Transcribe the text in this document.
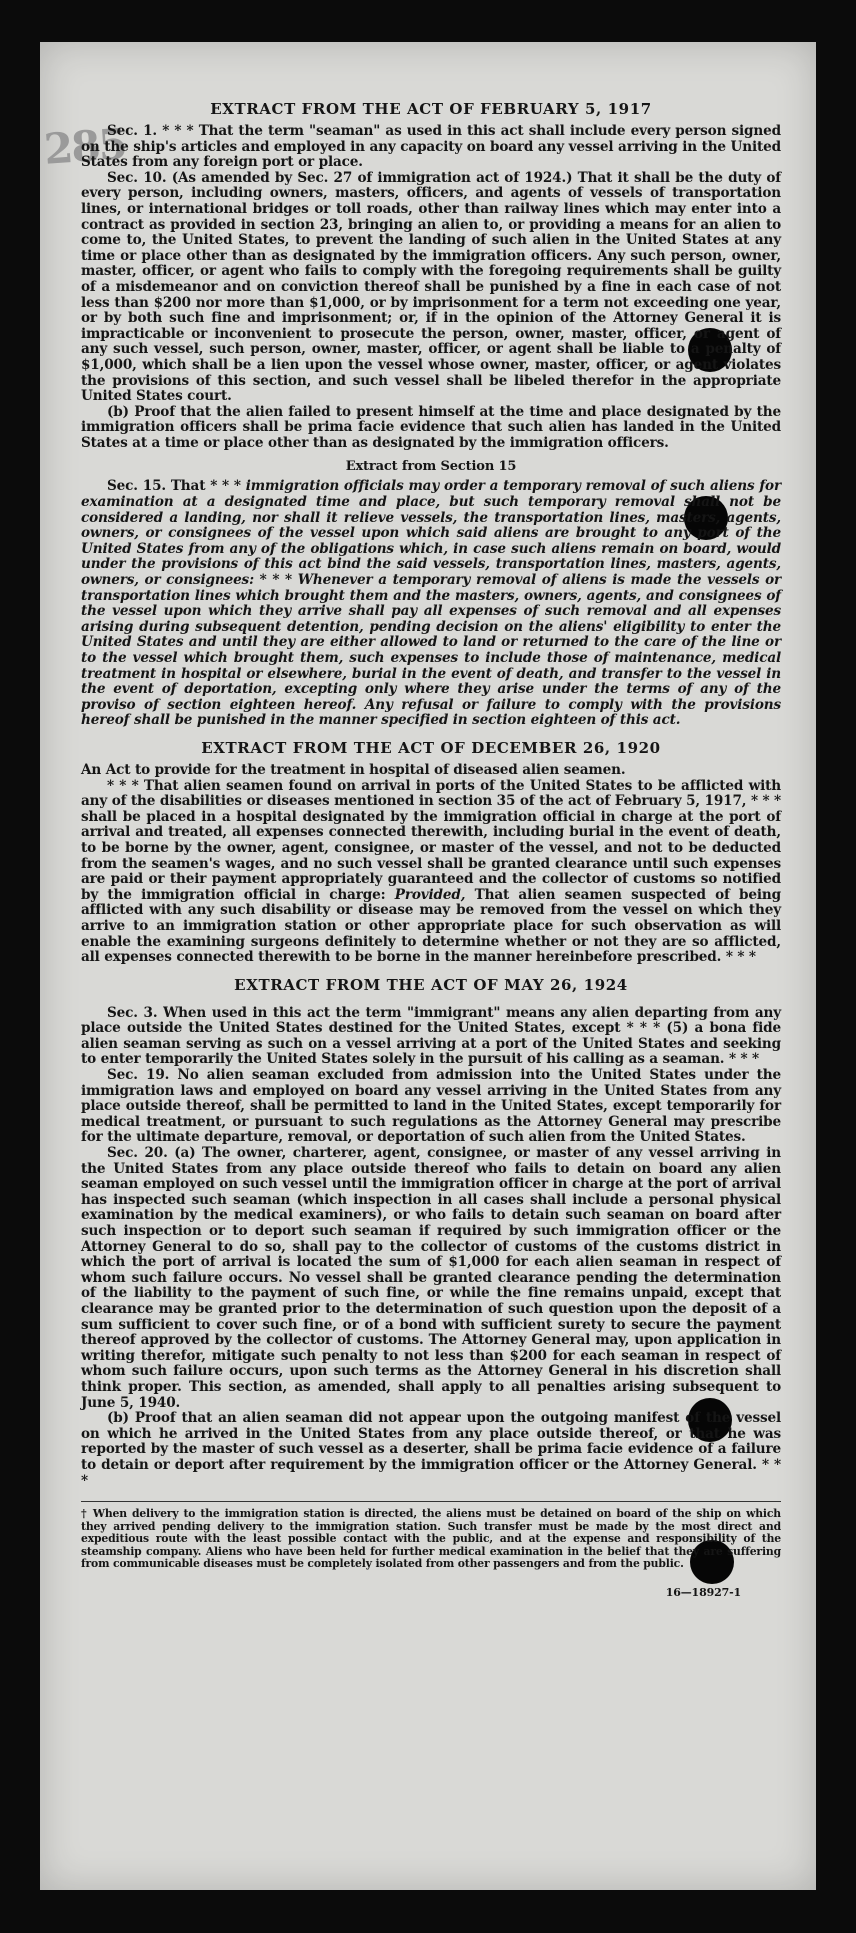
285
EXTRACT FROM THE ACT OF FEBRUARY 5, 1917

Sec. 1. * * * That the term "seaman" as used in this act shall include every person signed on the ship's articles and employed in any capacity on board any vessel arriving in the United States from any foreign port or place.

Sec. 10. (As amended by Sec. 27 of immigration act of 1924.) That it shall be the duty of every person, including owners, masters, officers, and agents of vessels of transportation lines, or international bridges or toll roads, other than railway lines which may enter into a contract as provided in section 23, bringing an alien to, or providing a means for an alien to come to, the United States, to prevent the landing of such alien in the United States at any time or place other than as designated by the immigration officers. Any such person, owner, master, officer, or agent who fails to comply with the foregoing requirements shall be guilty of a misdemeanor and on conviction thereof shall be punished by a fine in each case of not less than $200 nor more than $1,000, or by imprisonment for a term not exceeding one year, or by both such fine and imprisonment; or, if in the opinion of the Attorney General it is impracticable or inconvenient to prosecute the person, owner, master, officer, or agent of any such vessel, such person, owner, master, officer, or agent shall be liable to a penalty of $1,000, which shall be a lien upon the vessel whose owner, master, officer, or agent violates the provisions of this section, and such vessel shall be libeled therefor in the appropriate United States court.

(b) Proof that the alien failed to present himself at the time and place designated by the immigration officers shall be prima facie evidence that such alien has landed in the United States at a time or place other than as designated by the immigration officers.

Extract from Section 15

Sec. 15. That * * * immigration officials may order a temporary removal of such aliens for examination at a designated time and place, but such temporary removal shall not be considered a landing, nor shall it relieve vessels, the transportation lines, masters, agents, owners, or consignees of the vessel upon which said aliens are brought to any port of the United States from any of the obligations which, in case such aliens remain on board, would under the provisions of this act bind the said vessels, transportation lines, masters, agents, owners, or consignees: * * * Whenever a temporary removal of aliens is made the vessels or transportation lines which brought them and the masters, owners, agents, and consignees of the vessel upon which they arrive shall pay all expenses of such removal and all expenses arising during subsequent detention, pending decision on the aliens' eligibility to enter the United States and until they are either allowed to land or returned to the care of the line or to the vessel which brought them, such expenses to include those of maintenance, medical treatment in hospital or elsewhere, burial in the event of death, and transfer to the vessel in the event of deportation, excepting only where they arise under the terms of any of the proviso of section eighteen hereof. Any refusal or failure to comply with the provisions hereof shall be punished in the manner specified in section eighteen of this act.

EXTRACT FROM THE ACT OF DECEMBER 26, 1920

An Act to provide for the treatment in hospital of diseased alien seamen.

* * * That alien seamen found on arrival in ports of the United States to be afflicted with any of the disabilities or diseases mentioned in section 35 of the act of February 5, 1917, * * * shall be placed in a hospital designated by the immigration official in charge at the port of arrival and treated, all expenses connected therewith, including burial in the event of death, to be borne by the owner, agent, consignee, or master of the vessel, and not to be deducted from the seamen's wages, and no such vessel shall be granted clearance until such expenses are paid or their payment appropriately guaranteed and the collector of customs so notified by the immigration official in charge: Provided, That alien seamen suspected of being afflicted with any such disability or disease may be removed from the vessel on which they arrive to an immigration station or other appropriate place for such observation as will enable the examining surgeons definitely to determine whether or not they are so afflicted, all expenses connected therewith to be borne in the manner hereinbefore prescribed. * * *

EXTRACT FROM THE ACT OF MAY 26, 1924

Sec. 3. When used in this act the term "immigrant" means any alien departing from any place outside the United States destined for the United States, except * * * (5) a bona fide alien seaman serving as such on a vessel arriving at a port of the United States and seeking to enter temporarily the United States solely in the pursuit of his calling as a seaman. * * *

Sec. 19. No alien seaman excluded from admission into the United States under the immigration laws and employed on board any vessel arriving in the United States from any place outside thereof, shall be permitted to land in the United States, except temporarily for medical treatment, or pursuant to such regulations as the Attorney General may prescribe for the ultimate departure, removal, or deportation of such alien from the United States.

Sec. 20. (a) The owner, charterer, agent, consignee, or master of any vessel arriving in the United States from any place outside thereof who fails to detain on board any alien seaman employed on such vessel until the immigration officer in charge at the port of arrival has inspected such seaman (which inspection in all cases shall include a personal physical examination by the medical examiners), or who fails to detain such seaman on board after such inspection or to deport such seaman if required by such immigration officer or the Attorney General to do so, shall pay to the collector of customs of the customs district in which the port of arrival is located the sum of $1,000 for each alien seaman in respect of whom such failure occurs. No vessel shall be granted clearance pending the determination of the liability to the payment of such fine, or while the fine remains unpaid, except that clearance may be granted prior to the determination of such question upon the deposit of a sum sufficient to cover such fine, or of a bond with sufficient surety to secure the payment thereof approved by the collector of customs. The Attorney General may, upon application in writing therefor, mitigate such penalty to not less than $200 for each seaman in respect of whom such failure occurs, upon such terms as the Attorney General in his discretion shall think proper. This section, as amended, shall apply to all penalties arising subsequent to June 5, 1940.

(b) Proof that an alien seaman did not appear upon the outgoing manifest of the vessel on which he arrived in the United States from any place outside thereof, or that he was reported by the master of such vessel as a deserter, shall be prima facie evidence of a failure to detain or deport after requirement by the immigration officer or the Attorney General. * * *

† When delivery to the immigration station is directed, the aliens must be detained on board of the ship on which they arrived pending delivery to the immigration station. Such transfer must be made by the most direct and expeditious route with the least possible contact with the public, and at the expense and responsibility of the steamship company. Aliens who have been held for further medical examination in the belief that they are suffering from communicable diseases must be completely isolated from other passengers and from the public.
16—18927-1
